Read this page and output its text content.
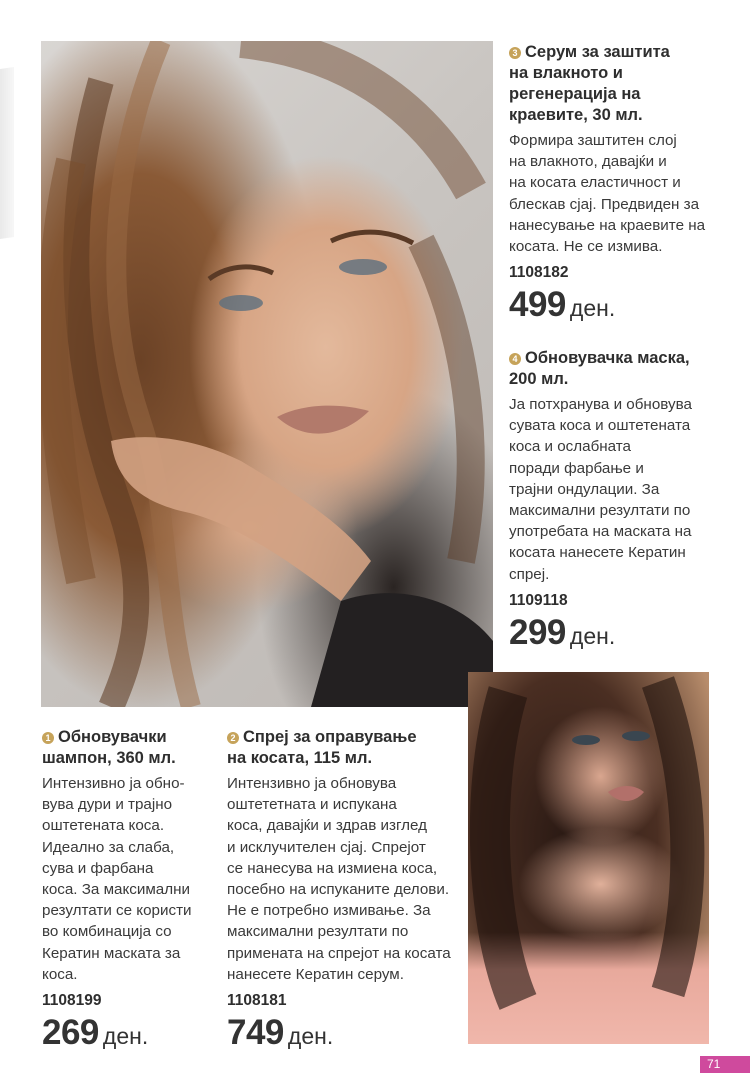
3 Серум за заштита
на влакното и
регенерација на
краевите, 30 мл.

Формира заштитен слој
на влакното, давајќи и
на косата еластичност и
блескав сјај. Предвиден за
нанесување на краевите на
косата. Не се измива.

1108182
499 ден.

4 Обновувачка маска,
200 мл.

Ја потхранува и обновува
сувата коса и оштетената
коса и ослабната
поради фарбање и
трајни ондулации. За
максимални резултати по
употребата на маската на
косата нанесете Кератин
спреј.

1109118
299 ден.

1 Обновувачки
шампон, 360 мл.

Интензивно ја обно-
вува дури и трајно
оштетената коса.
Идеално за слаба,
сува и фарбана
коса. За максимални
резултати се користи
во комбинација со
Кератин маската за
коса.

1108199
269 ден.

2 Спреј за оправување
на косата, 115 мл.

Интензивно ја обновува
оштететната и испукана
коса, давајќи и здрав изглед
и исклучителен сјај. Спрејот
се нанесува на измиена коса,
посебно на испуканите делови.
Не е потребно измивање. За
максимални резултати по
примената на спрејот на косата
нанесете Кератин серум.

1108181
749 ден.
71
